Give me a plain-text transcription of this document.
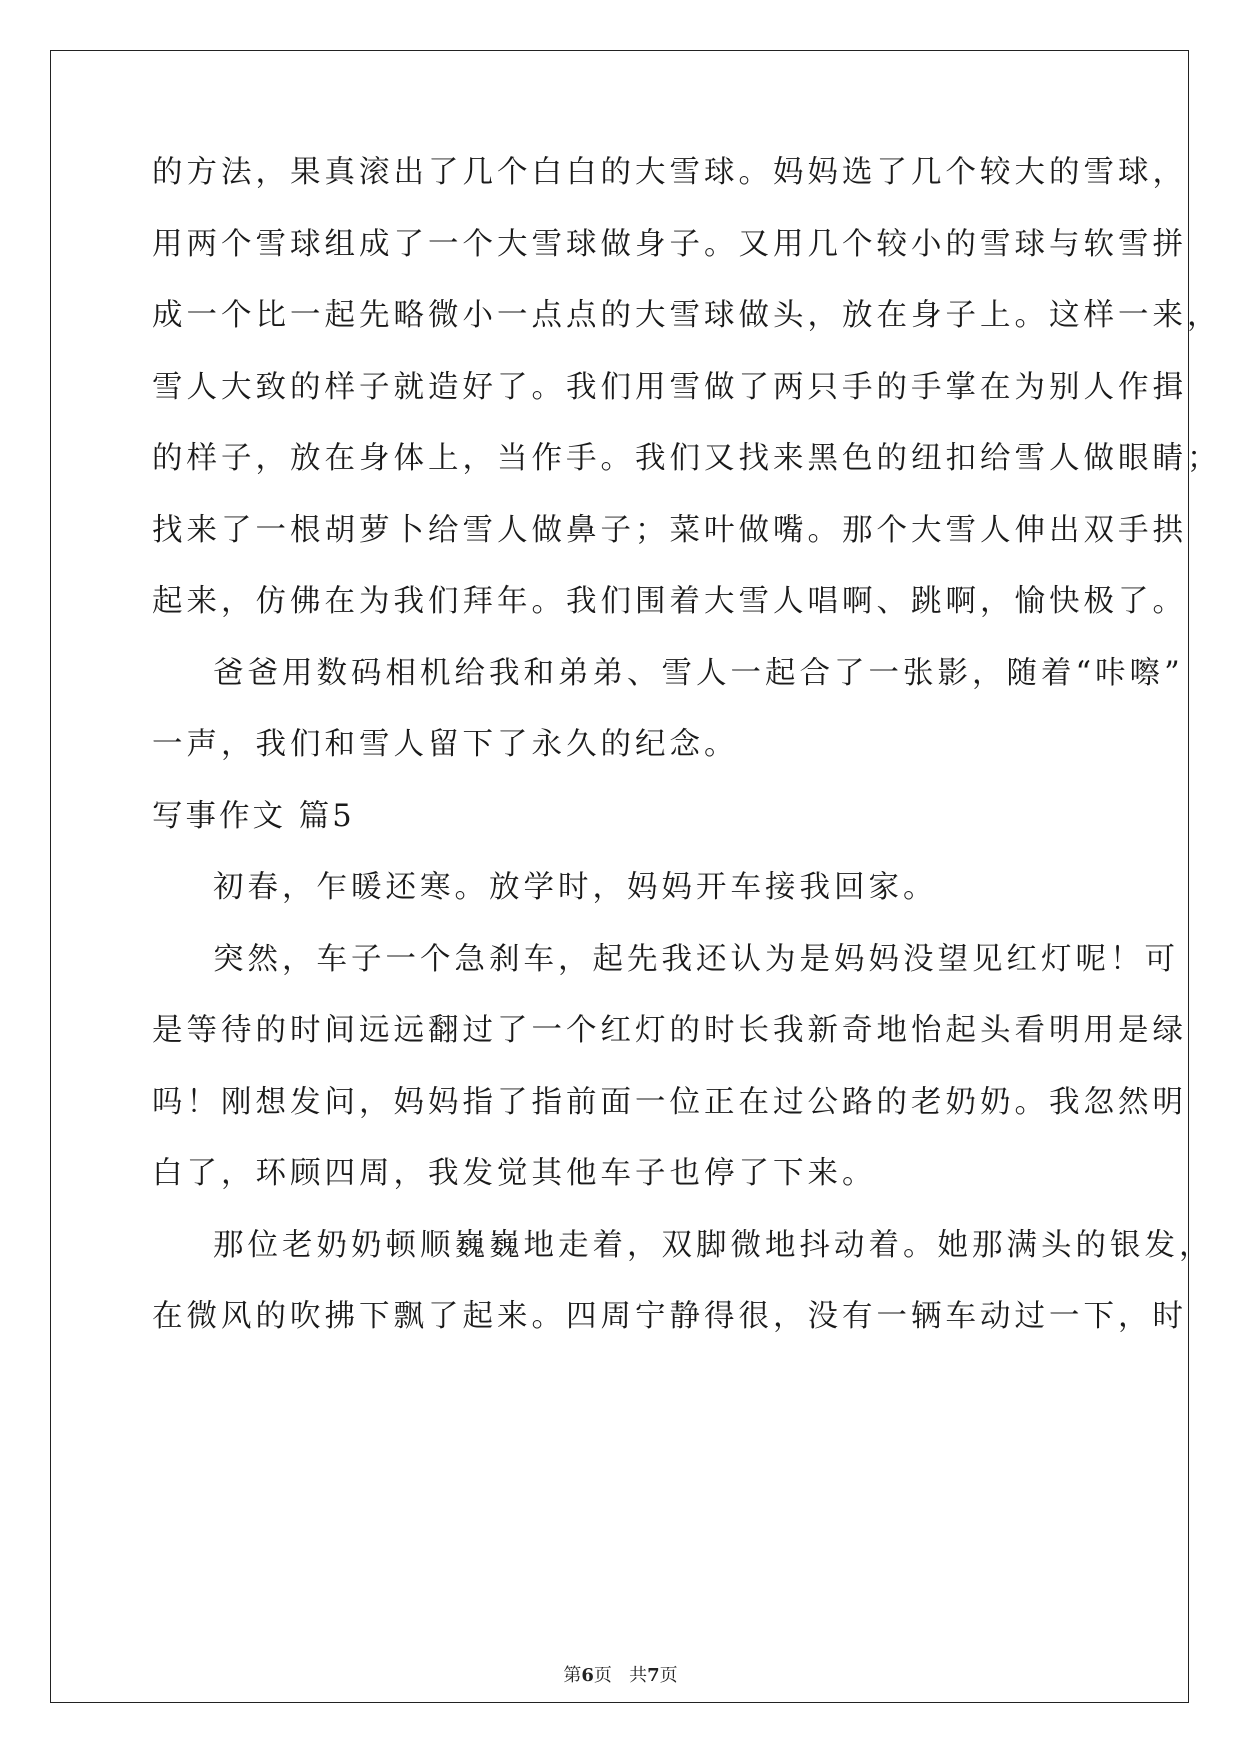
的方法，果真滚出了几个白白的大雪球。妈妈选了几个较大的雪球，

用两个雪球组成了一个大雪球做身子。又用几个较小的雪球与软雪拼

成一个比一起先略微小一点点的大雪球做头，放在身子上。这样一来，

雪人大致的样子就造好了。我们用雪做了两只手的手掌在为别人作揖

的样子，放在身体上，当作手。我们又找来黑色的纽扣给雪人做眼睛；

找来了一根胡萝卜给雪人做鼻子；菜叶做嘴。那个大雪人伸出双手拱

起来，仿佛在为我们拜年。我们围着大雪人唱啊、跳啊，愉快极了。

爸爸用数码相机给我和弟弟、雪人一起合了一张影，随着“咔嚓”

一声，我们和雪人留下了永久的纪念。

写事作文 篇5

初春，乍暖还寒。放学时，妈妈开车接我回家。

突然，车子一个急刹车，起先我还认为是妈妈没望见红灯呢！可

是等待的时间远远翻过了一个红灯的时长我新奇地怡起头看明用是绿

吗！刚想发问，妈妈指了指前面一位正在过公路的老奶奶。我忽然明

白了，环顾四周，我发觉其他车子也停了下来。

那位老奶奶顿顺巍巍地走着，双脚微地抖动着。她那满头的银发，

在微风的吹拂下飘了起来。四周宁静得很，没有一辆车动过一下，时

第6页 共7页
